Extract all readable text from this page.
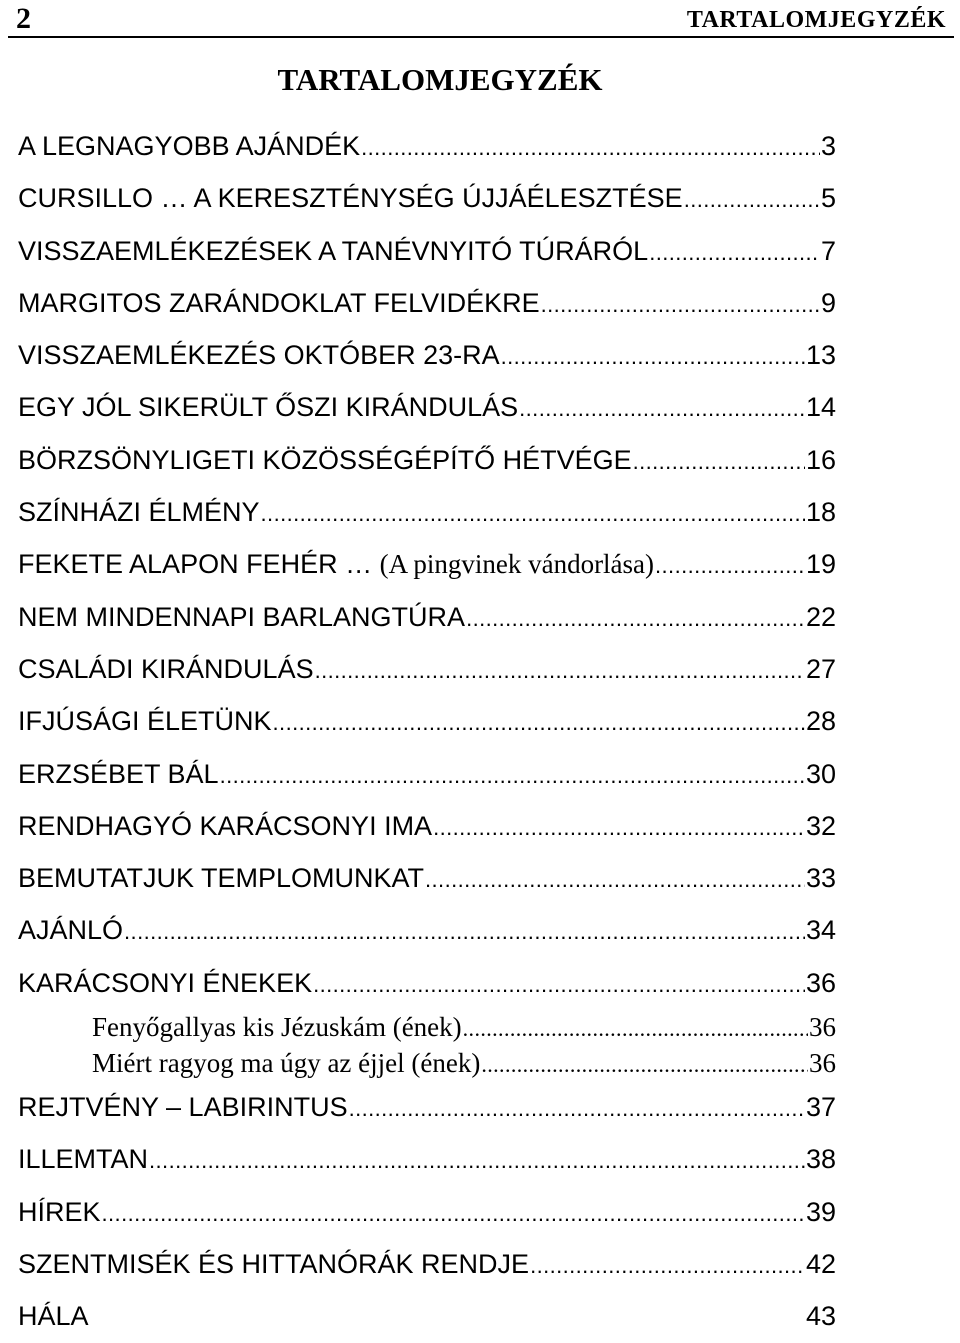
2	TARTALOMJEGYZÉK
TARTALOMJEGYZÉK
A LEGNAGYOBB AJÁNDÉK .....	3
CURSILLO … A KERESZTÉNYSÉG ÚJJÁÉLESZTÉSE .....	5
VISSZAEMLÉKEZÉSEK A TANÉVNYITÓ TÚRÁRÓL .....	7
MARGITOS ZARÁNDOKLAT FELVIDÉKRE .....	9
VISSZAEMLÉKEZÉS OKTÓBER 23-RA .....	13
EGY JÓL SIKERÜLT ŐSZI KIRÁNDULÁS .....	14
BÖRZSÖNYLIGETI KÖZÖSSÉGÉPÍTŐ HÉTVÉGE .....	16
SZÍNHÁZI ÉLMÉNY .....	18
FEKETE ALAPON FEHÉR … (A pingvinek vándorlása) .....	19
NEM MINDENNAPI BARLANGTÚRA .....	22
CSALÁDI KIRÁNDULÁS .....	27
IFJÚSÁGI ÉLETÜNK .....	28
ERZSÉBET BÁL .....	30
RENDHAGYÓ KARÁCSONYI IMA .....	32
BEMUTATJUK TEMPLOMUNKAT .....	33
AJÁNLÓ .....	34
KARÁCSONYI ÉNEKEK .....	36
Fenyőgallyas kis Jézuskám (ének) .....	36
Miért ragyog ma úgy az éjjel (ének) .....	36
REJTVÉNY – LABIRINTUS .....	37
ILLEMTAN .....	38
HÍREK .....	39
SZENTMISÉK ÉS HITTANÓRÁK RENDJE .....	42
HÁLA	43
